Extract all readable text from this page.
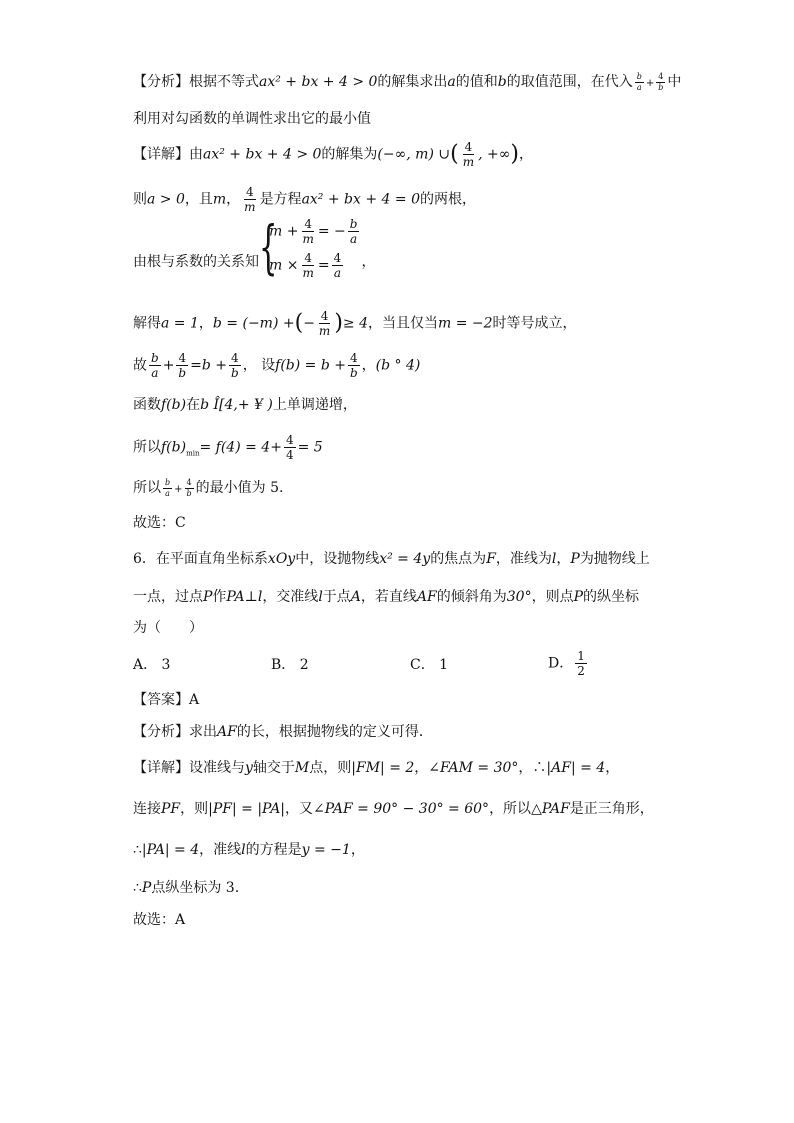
【分析】根据不等式ax² + bx + 4 > 0的解集求出a的值和b的取值范围，在代入 $\frac{b}{a} + \frac{4}{b}$ 中
利用对勾函数的单调性求出它的最小值
【详解】由ax² + bx + 4 > 0的解集为(−∞, m) ∪( $\frac{4}{m}$ , +∞)，
则a > 0，且m， $\frac{4}{m}$ 是方程ax² + bx + 4 = 0的两根，
由根与系数的关系知 {
$m + \frac{4}{m}$ = − $\frac{b}{a}$
$m \times \frac{4}{m} = \frac{4}{a}$ ，
解得a = 1，b = (−m) +(− $\frac{4}{m}$ )≥ 4，当且仅当m = −2时等号成立，
故 $\frac{b}{a} + \frac{4}{b} =b + \frac{4}{b}$ ， 设$f(b) = b + \frac{4}{b}$ ，(b ° 4)
函数f(b)在b Î[4,+ ¥ )上单调递增，
所以$f(b)_{min}= f(4) = 4+ \frac{4}{4} = 5$
所以 $\frac{b}{a} + \frac{4}{b}$ 的最小值为 5.
故选：C
6．在平面直角坐标系xOy中，设抛物线x² = 4y的焦点为F，准线为l，P为抛物线上
一点，过点P作PA⊥l，交准线l于点A，若直线AF的倾斜角为30°，则点P的纵坐标
为（　　）
A． 3	B． 2	C． 1	D． $\frac{1}{2}$
【答案】A
【分析】求出AF的长，根据抛物线的定义可得．
【详解】设准线与y轴交于M点，则|FM| = 2，∠FAM = 30°，∴|AF| = 4，
连接PF，则|PF| = |PA|，又∠PAF = 90° − 30° = 60°，所以△PAF是正三角形，
∴|PA| = 4，准线l的方程是y = −1，
∴P点纵坐标为 3.
故选：A
